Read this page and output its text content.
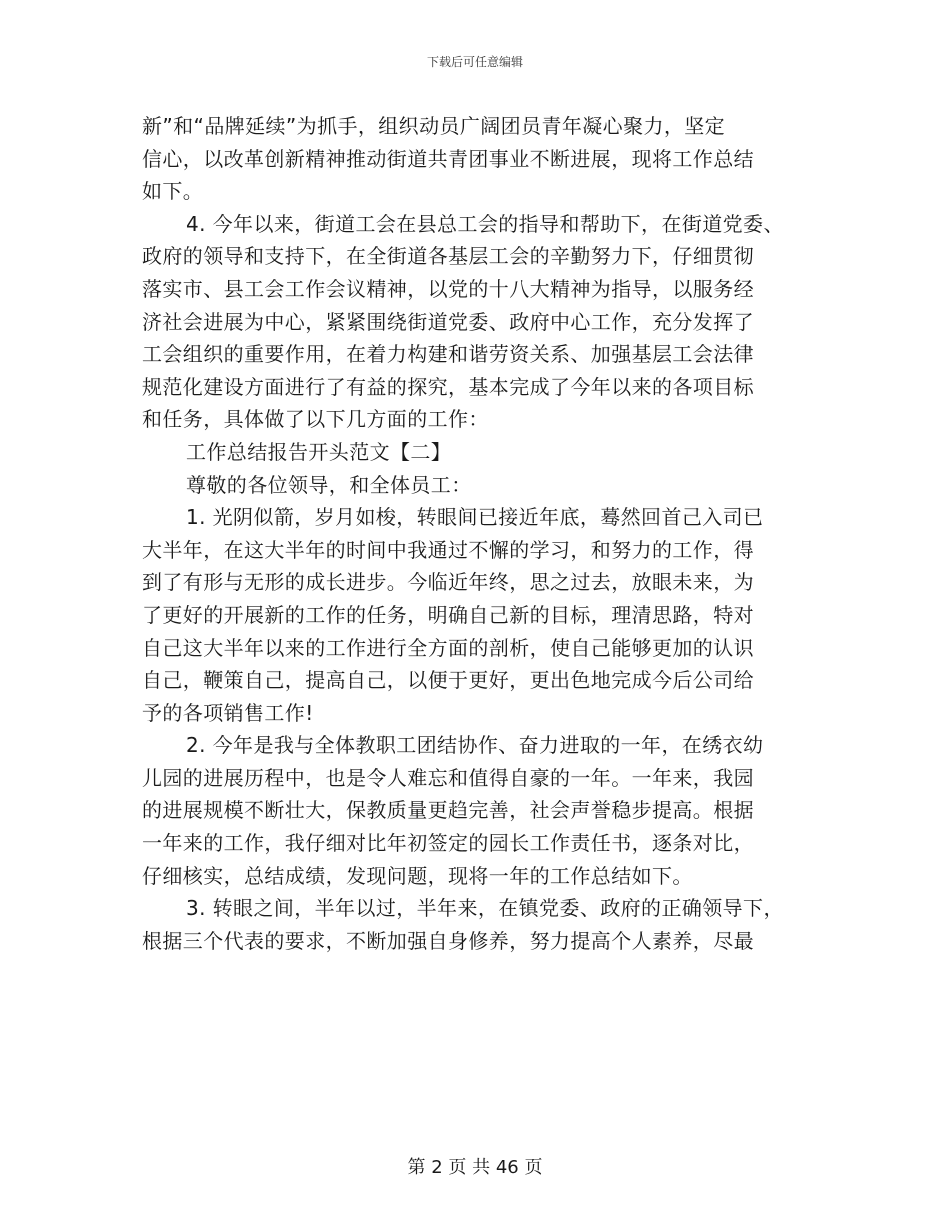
下载后可任意编辑
新”和“品牌延续”为抓手，组织动员广阔团员青年凝心聚力，坚定
信心，以改革创新精神推动街道共青团事业不断进展，现将工作总结
如下。
4. 今年以来，街道工会在县总工会的指导和帮助下，在街道党委、
政府的领导和支持下，在全街道各基层工会的辛勤努力下，仔细贯彻
落实市、县工会工作会议精神，以党的十八大精神为指导，以服务经
济社会进展为中心，紧紧围绕街道党委、政府中心工作，充分发挥了
工会组织的重要作用，在着力构建和谐劳资关系、加强基层工会法律
规范化建设方面进行了有益的探究，基本完成了今年以来的各项目标
和任务，具体做了以下几方面的工作：
工作总结报告开头范文【二】
尊敬的各位领导，和全体员工：
1. 光阴似箭，岁月如梭，转眼间已接近年底，蓦然回首己入司已
大半年，在这大半年的时间中我通过不懈的学习，和努力的工作，得
到了有形与无形的成长进步。今临近年终，思之过去，放眼未来，为
了更好的开展新的工作的任务，明确自己新的目标，理清思路，特对
自己这大半年以来的工作进行全方面的剖析，使自己能够更加的认识
自己，鞭策自己，提高自己，以便于更好，更出色地完成今后公司给
予的各项销售工作!
2. 今年是我与全体教职工团结协作、奋力进取的一年，在绣衣幼
儿园的进展历程中，也是令人难忘和值得自豪的一年。一年来，我园
的进展规模不断壮大，保教质量更趋完善，社会声誉稳步提高。根据
一年来的工作，我仔细对比年初签定的园长工作责任书，逐条对比，
仔细核实，总结成绩，发现问题，现将一年的工作总结如下。
3. 转眼之间，半年以过，半年来，在镇党委、政府的正确领导下，
根据三个代表的要求，不断加强自身修养，努力提高个人素养，尽最
第 2 页 共 46 页
